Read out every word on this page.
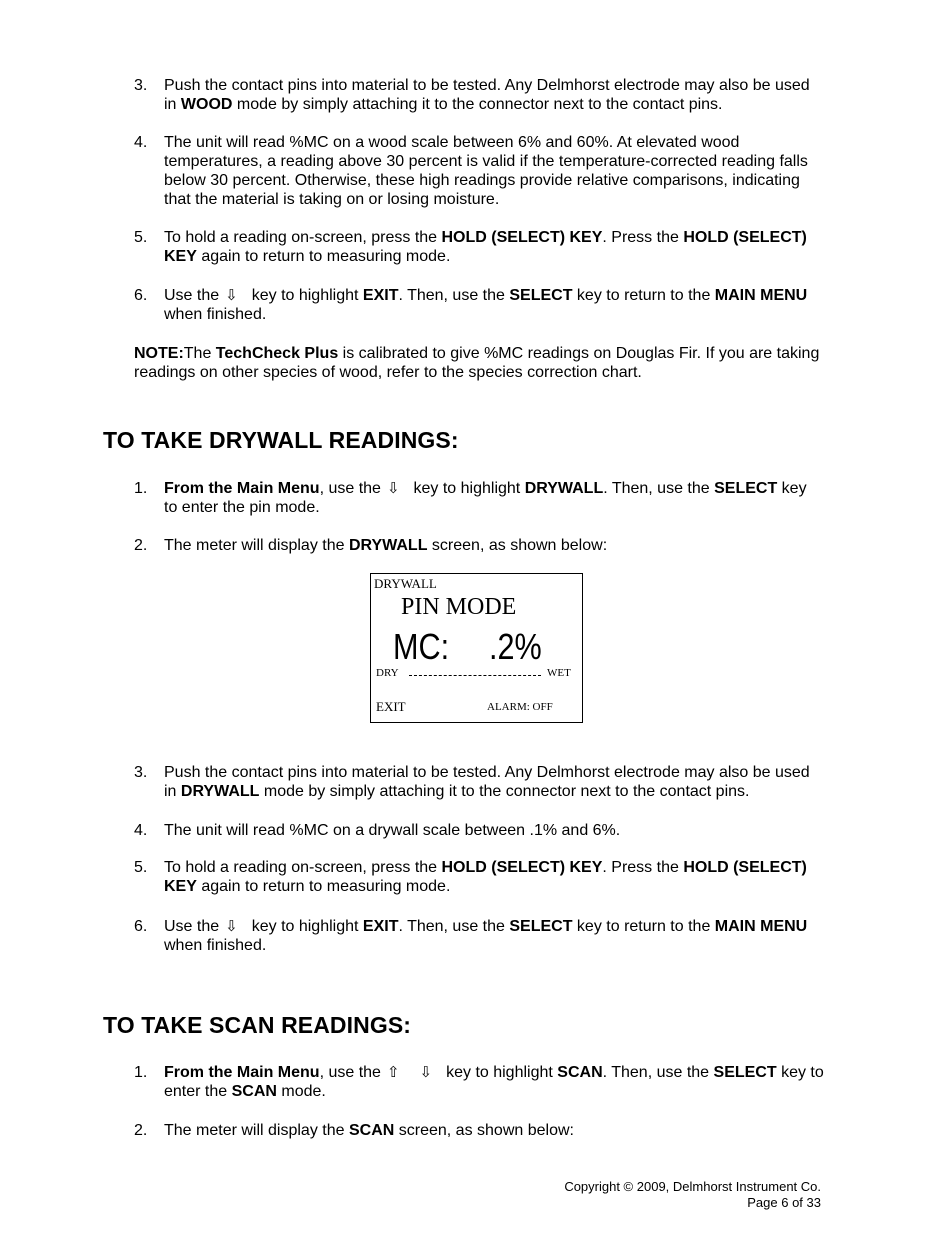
3.	Push the contact pins into material to be tested. Any Delmhorst electrode may also be used in WOOD mode by simply attaching it to the connector next to the contact pins.
4.	The unit will read %MC on a wood scale between 6% and 60%. At elevated wood temperatures, a reading above 30 percent is valid if the temperature-corrected reading falls below 30 percent. Otherwise, these high readings provide relative comparisons, indicating that the material is taking on or losing moisture.
5.	To hold a reading on-screen, press the HOLD (SELECT) KEY. Press the HOLD (SELECT) KEY again to return to measuring mode.
6.	Use the ⇩ key to highlight EXIT. Then, use the SELECT key to return to the MAIN MENU when finished.
NOTE:The TechCheck Plus is calibrated to give %MC readings on Douglas Fir. If you are taking readings on other species of wood, refer to the species correction chart.
TO TAKE DRYWALL READINGS:
1.	From the Main Menu, use the ⇩ key to highlight DRYWALL. Then, use the SELECT key to enter the pin mode.
2.	The meter will display the DRYWALL screen, as shown below:
DRYWALL
PIN MODE
MC: .2%
DRY	WET
EXIT	ALARM: OFF
3.	Push the contact pins into material to be tested. Any Delmhorst electrode may also be used in DRYWALL mode by simply attaching it to the connector next to the contact pins.
4.	The unit will read %MC on a drywall scale between .1% and 6%.
5.	To hold a reading on-screen, press the HOLD (SELECT) KEY. Press the HOLD (SELECT) KEY again to return to measuring mode.
6.	Use the ⇩ key to highlight EXIT. Then, use the SELECT key to return to the MAIN MENU when finished.
TO TAKE SCAN READINGS:
1.	From the Main Menu, use the ⇧ ⇩ key to highlight SCAN. Then, use the SELECT key to enter the SCAN mode.
2.	The meter will display the SCAN screen, as shown below:
Copyright © 2009, Delmhorst Instrument Co.
Page 6 of 33
